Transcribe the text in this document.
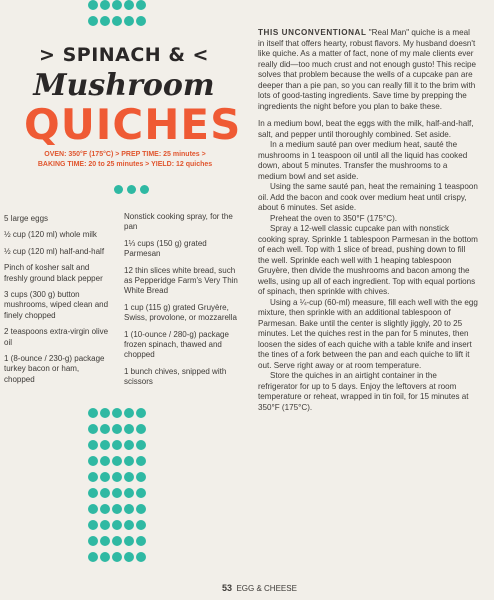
> SPINACH & <

Mushroom

QUICHES

OVEN: 350°F (175°C) > PREP TIME: 25 minutes >
BAKING TIME: 20 to 25 minutes > YIELD: 12 quiches

5 large eggs

½ cup (120 ml) whole milk

½ cup (120 ml) half-and-half

Pinch of kosher salt and freshly ground black pepper

3 cups (300 g) button mushrooms, wiped clean and finely chopped

2 teaspoons extra-virgin olive oil

1 (8-ounce / 230-g) package turkey bacon or ham, chopped

Nonstick cooking spray, for the pan

1⅓ cups (150 g) grated Parmesan

12 thin slices white bread, such as Pepperidge Farm's Very Thin White Bread

1 cup (115 g) grated Gruyère, Swiss, provolone, or mozzarella

1 (10-ounce / 280-g) package frozen spinach, thawed and chopped

1 bunch chives, snipped with scissors

THIS UNCONVENTIONAL "Real Man" quiche is a meal in itself that offers hearty, robust flavors. My husband doesn't like quiche. As a matter of fact, none of my male clients ever really did—too much crust and not enough gusto! This recipe solves that problem because the wells of a cupcake pan are deeper than a pie pan, so you can really fill it to the brim with lots of good-tasting ingredients. Save time by prepping the ingredients the night before you plan to bake these.

In a medium bowl, beat the eggs with the milk, half-and-half, salt, and pepper until thoroughly combined. Set aside.

In a medium sauté pan over medium heat, sauté the mushrooms in 1 teaspoon oil until all the liquid has cooked down, about 5 minutes. Transfer the mushrooms to a medium bowl and set aside.

Using the same sauté pan, heat the remaining 1 teaspoon oil. Add the bacon and cook over medium heat until crispy, about 6 minutes. Set aside.

Preheat the oven to 350°F (175°C).

Spray a 12-well classic cupcake pan with nonstick cooking spray. Sprinkle 1 tablespoon Parmesan in the bottom of each well. Top with 1 slice of bread, pushing down to fill the well. Sprinkle each well with 1 heaping tablespoon Gruyère, then divide the mushrooms and bacon among the wells, using up all of each ingredient. Top with equal portions of spinach, then sprinkle with chives.

Using a ¼-cup (60-ml) measure, fill each well with the egg mixture, then sprinkle with an additional tablespoon of Parmesan. Bake until the center is slightly jiggly, 20 to 25 minutes. Let the quiches rest in the pan for 5 minutes, then loosen the sides of each quiche with a table knife and insert the tines of a fork between the pan and each quiche to lift it out. Serve right away or at room temperature.

Store the quiches in an airtight container in the refrigerator for up to 5 days. Enjoy the leftovers at room temperature or reheat, wrapped in tin foil, for 15 minutes at 350°F (175°C).

53 EGG & CHEESE
